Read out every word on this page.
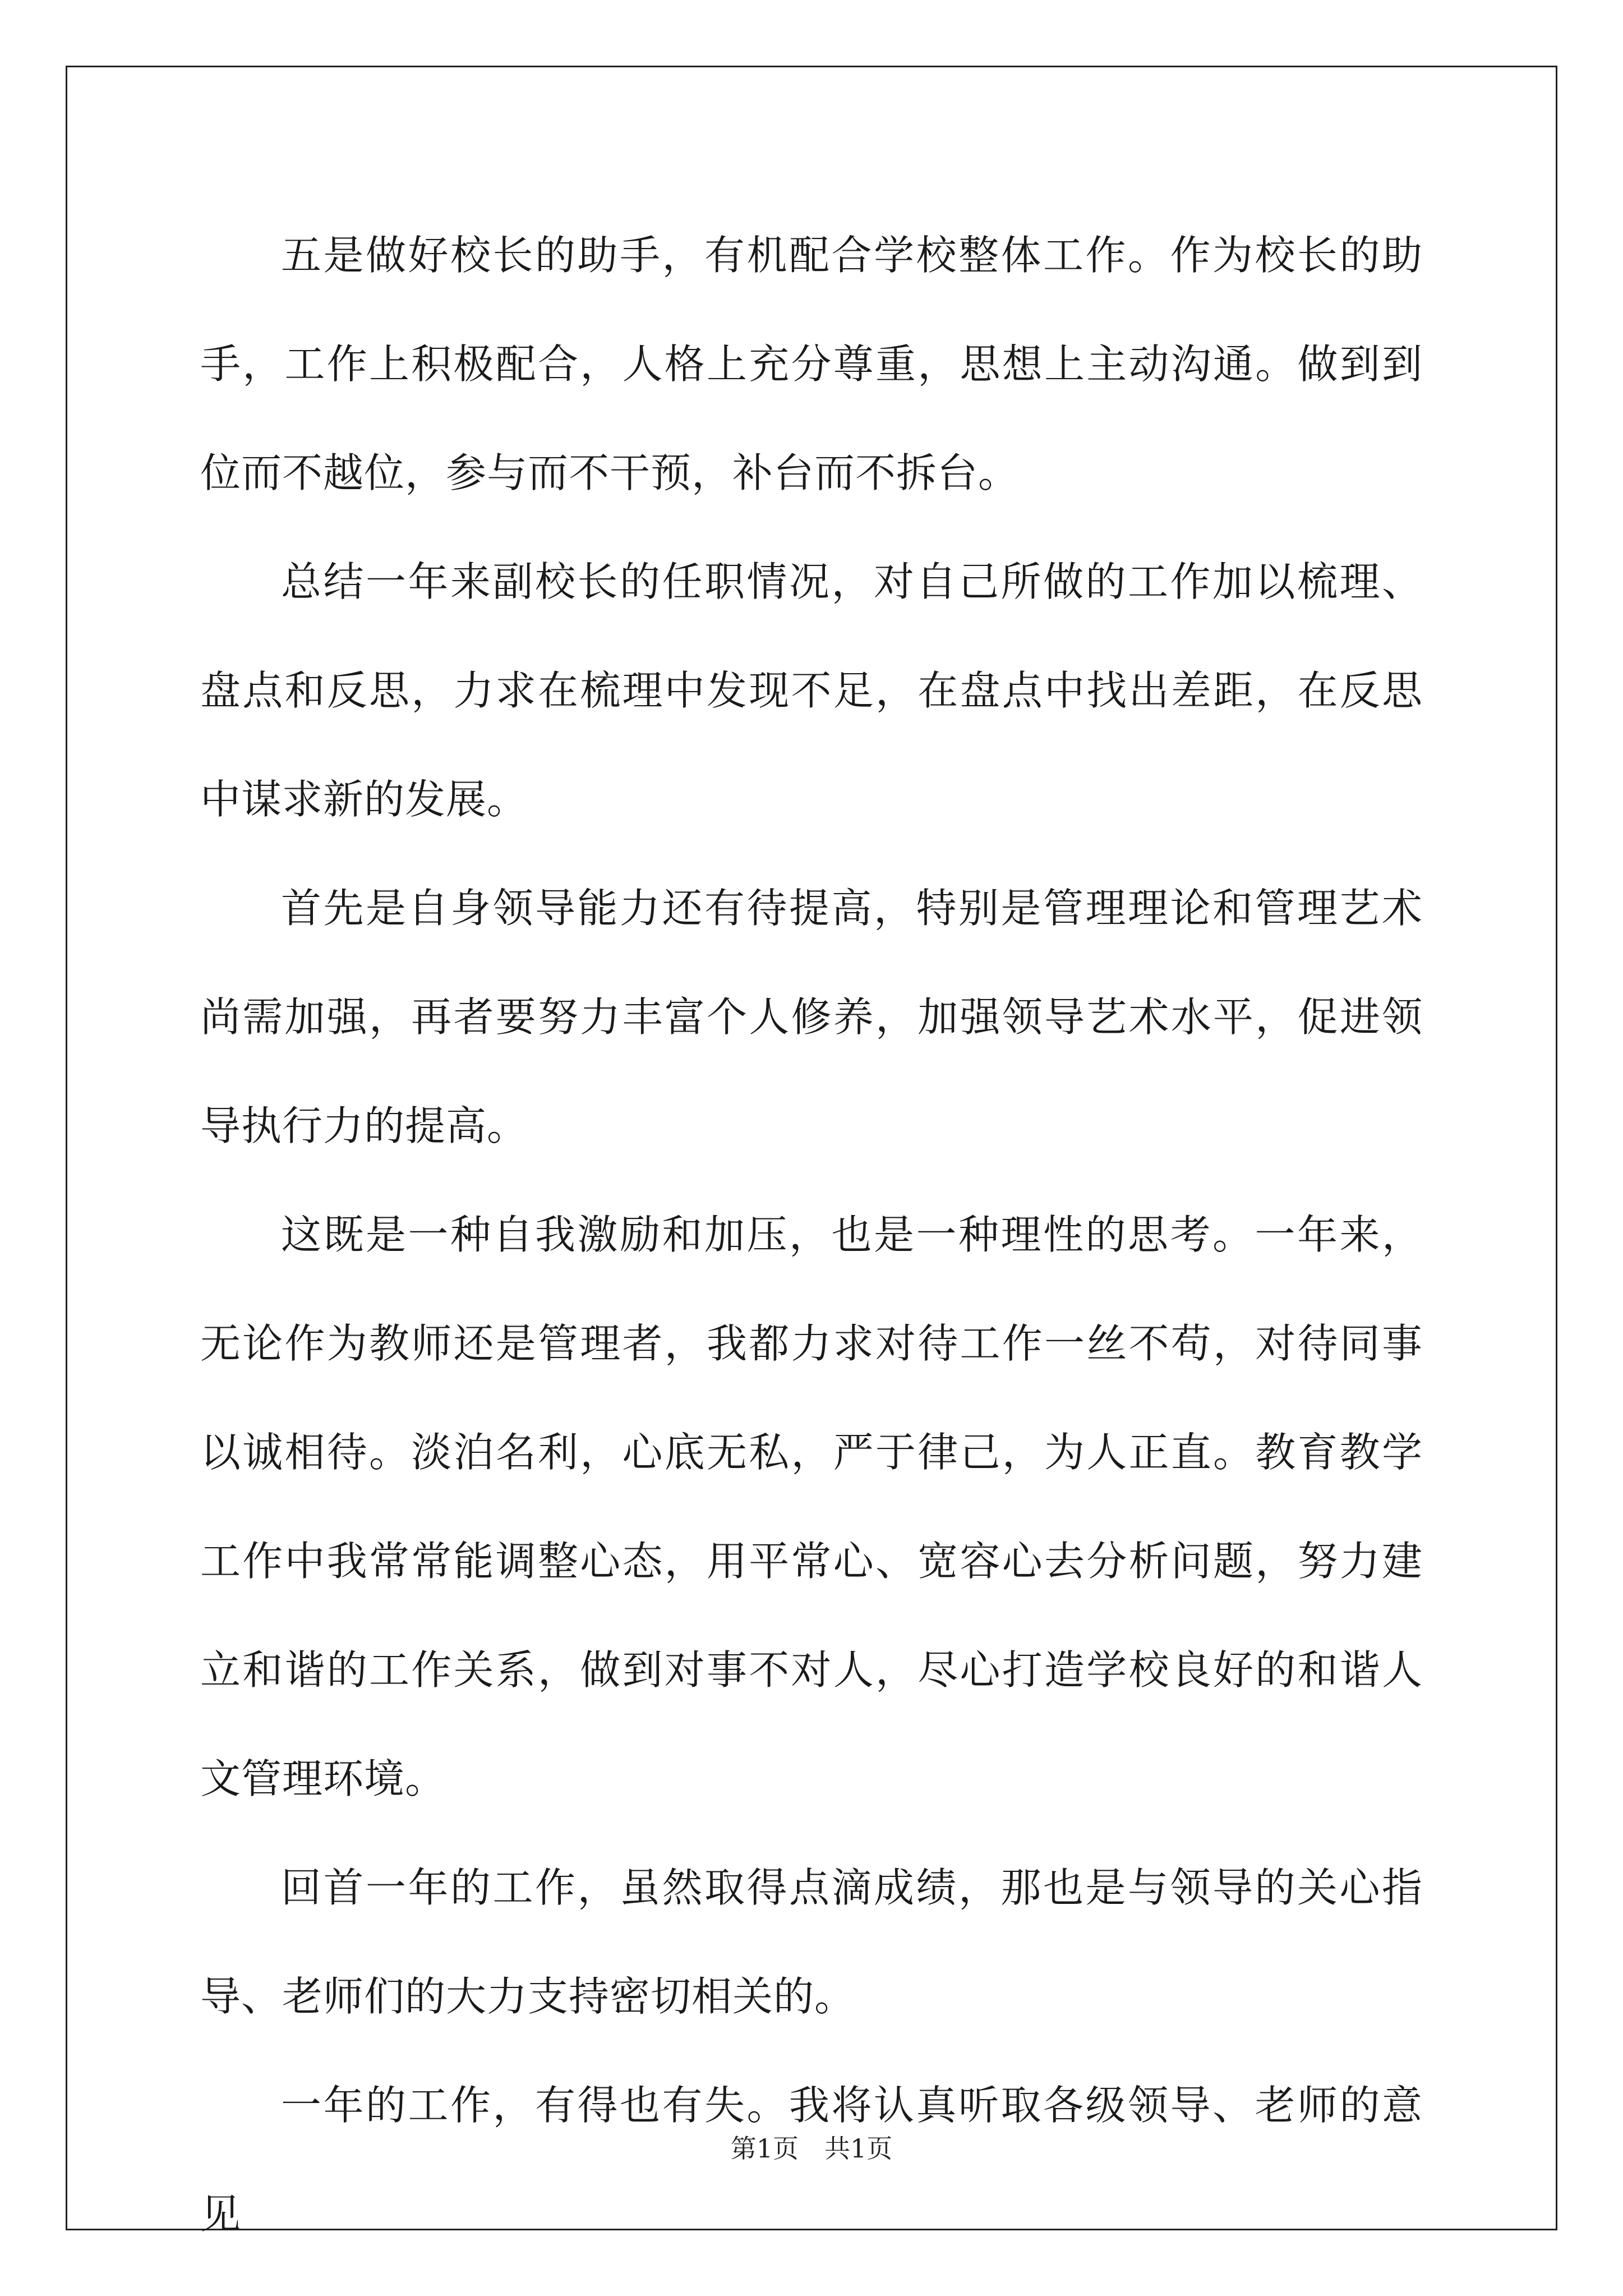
五是做好校长的助手，有机配合学校整体工作。作为校长的助手，工作上积极配合，人格上充分尊重，思想上主动沟通。做到到位而不越位，参与而不干预，补台而不拆台。

总结一年来副校长的任职情况，对自己所做的工作加以梳理、盘点和反思，力求在梳理中发现不足，在盘点中找出差距，在反思中谋求新的发展。

首先是自身领导能力还有待提高，特别是管理理论和管理艺术尚需加强，再者要努力丰富个人修养，加强领导艺术水平，促进领导执行力的提高。

这既是一种自我激励和加压，也是一种理性的思考。一年来，无论作为教师还是管理者，我都力求对待工作一丝不苟，对待同事以诚相待。淡泊名利，心底无私，严于律己，为人正直。教育教学工作中我常常能调整心态，用平常心、宽容心去分析问题，努力建立和谐的工作关系，做到对事不对人，尽心打造学校良好的和谐人文管理环境。

回首一年的工作，虽然取得点滴成绩，那也是与领导的关心指导、老师们的大力支持密切相关的。

一年的工作，有得也有失。我将认真听取各级领导、老师的意见

第1页 共1页
